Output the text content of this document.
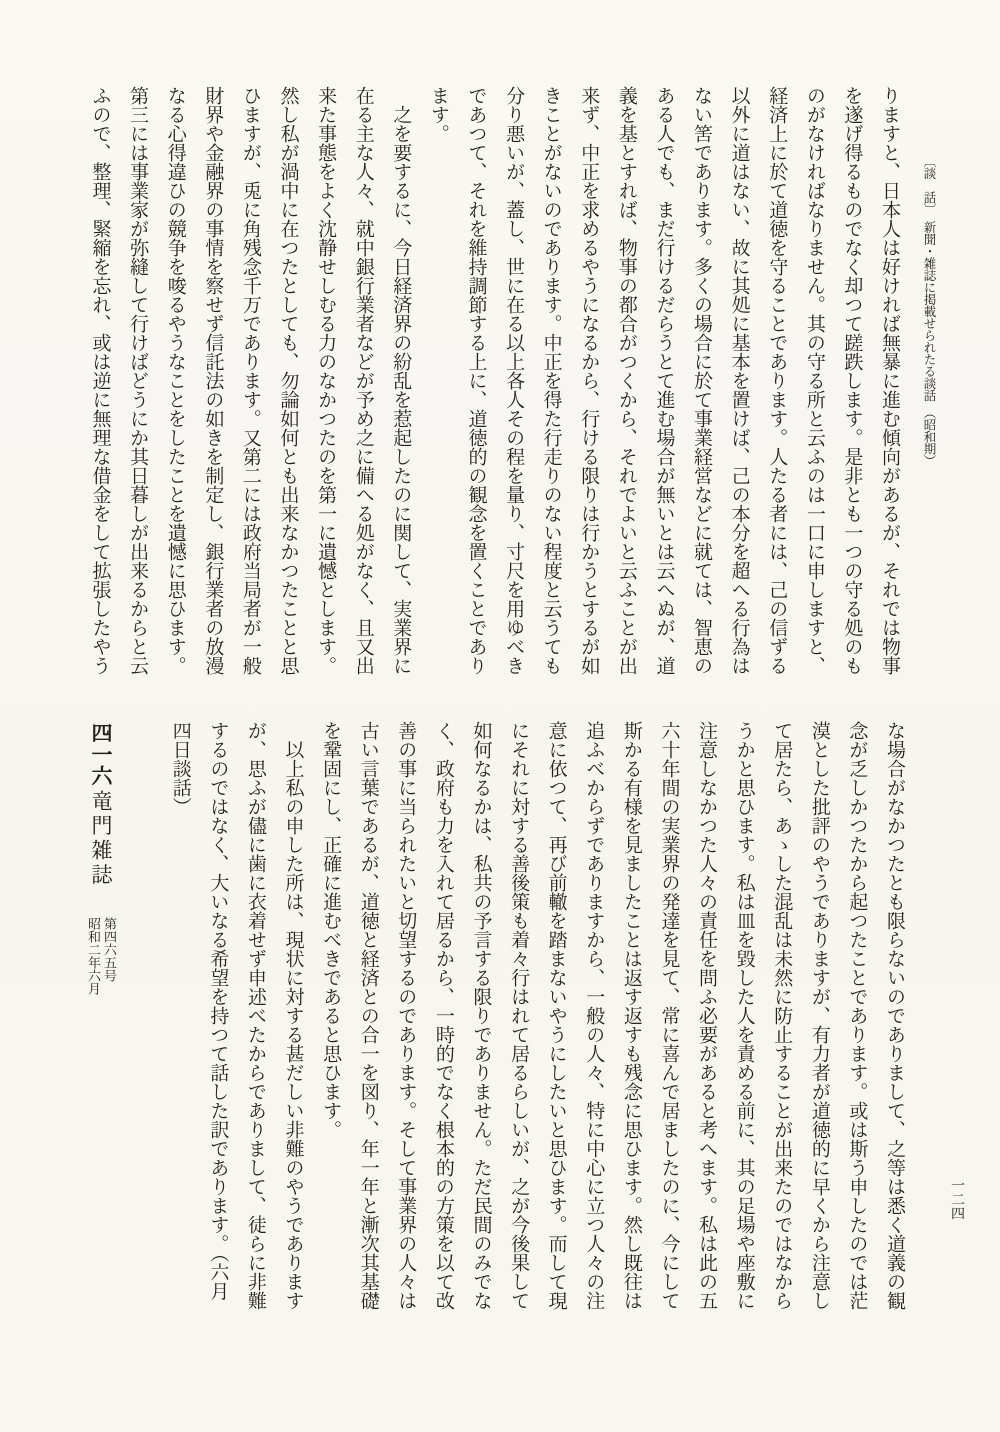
〔談　話〕　新聞・雑誌に掲載せられたる談話　（昭和期）
一二四

りますと、日本人は好ければ無暴に進む傾向があるが、それでは物事を遂げ得るものでなく却つて蹉跌します。是非とも一つの守る処のものがなければなりません。其の守る所と云ふのは一口に申しますと、経済上に於て道徳を守ることであります。人たる者には、己の信ずる以外に道はない、故に其処に基本を置けば、己の本分を超へる行為はない筈であります。多くの場合に於て事業経営などに就ては、智恵のある人でも、まだ行けるだらうとて進む場合が無いとは云へぬが、道義を基とすれば、物事の都合がつくから、それでよいと云ふことが出来ず、中正を求めるやうになるから、行ける限りは行かうとするが如きことがないのであります。中正を得た行走りのない程度と云うても分り悪いが、蓋し、世に在る以上各人その程を量り、寸尺を用ゆべきであつて、それを維持調節する上に、道徳的の観念を置くことであります。

之を要するに、今日経済界の紛乱を惹起したのに関して、実業界に在る主な人々、就中銀行業者などが予め之に備へる処がなく、且又出来た事態をよく沈静せしむる力のなかつたのを第一に遺憾とします。然し私が渦中に在つたとしても、勿論如何とも出来なかつたことと思ひますが、兎に角残念千万であります。又第二には政府当局者が一般財界や金融界の事情を察せず信託法の如きを制定し、銀行業者の放漫なる心得違ひの競争を唆るやうなことをしたことを遺憾に思ひます。第三には事業家が弥縫して行けばどうにか其日暮しが出来るからと云ふので、整理、緊縮を忘れ、或は逆に無理な借金をして拡張したやう

な場合がなかつたとも限らないのでありまして、之等は悉く道義の観念が乏しかつたから起つたことであります。或は斯う申したのでは茫漠とした批評のやうでありますが、有力者が道徳的に早くから注意して居たら、あゝした混乱は未然に防止することが出来たのではなからうかと思ひます。私は皿を毀した人を責める前に、其の足場や座敷に注意しなかつた人々の責任を問ふ必要があると考へます。私は此の五六十年間の実業界の発達を見て、常に喜んで居ましたのに、今にして斯かる有様を見ましたことは返す返すも残念に思ひます。然し既往は追ふべからずでありますから、一般の人々、特に中心に立つ人々の注意に依つて、再び前轍を踏まないやうにしたいと思ひます。而して現にそれに対する善後策も着々行はれて居るらしいが、之が今後果して如何なるかは、私共の予言する限りでありません。ただ民間のみでなく、政府も力を入れて居るから、一時的でなく根本的の方策を以て改善の事に当られたいと切望するのであります。そして事業界の人々は古い言葉であるが、道徳と経済との合一を図り、年一年と漸次其基礎を鞏固にし、正確に進むべきであると思ひます。

以上私の申した所は、現状に対する甚だしい非難のやうでありますが、思ふが儘に歯に衣着せず申述べたからでありまして、徒らに非難するのではなく、大いなる希望を持つて話した訳であります。（六月四日談話）

四一六
竜門雑誌
第四六五号
昭和二年六月
